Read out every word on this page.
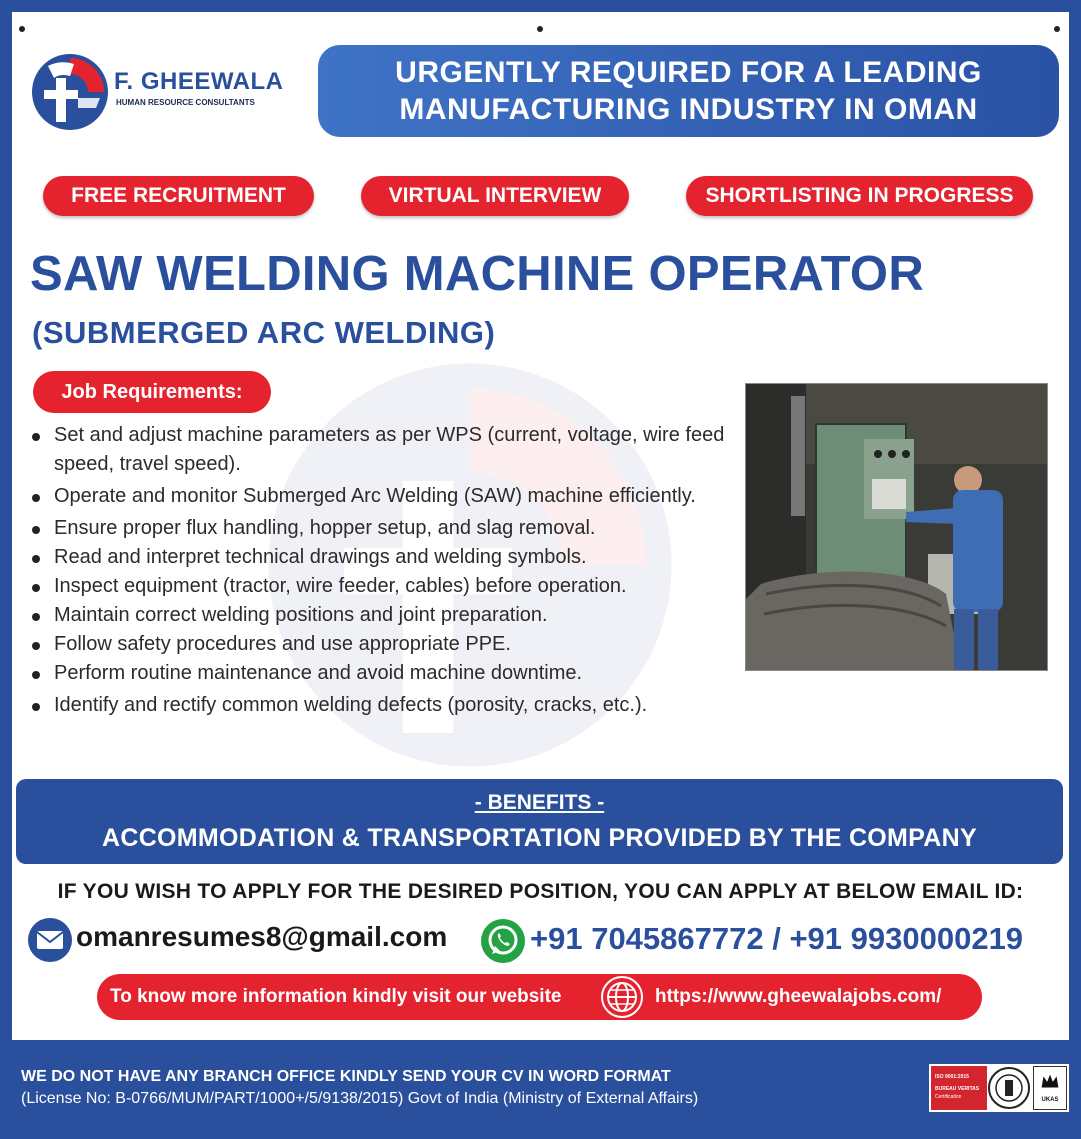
F. GHEEWALA
HUMAN RESOURCE CONSULTANTS
URGENTLY REQUIRED FOR A LEADING
MANUFACTURING INDUSTRY IN OMAN
FREE RECRUITMENT	VIRTUAL INTERVIEW	SHORTLISTING IN PROGRESS
SAW WELDING MACHINE OPERATOR
(SUBMERGED ARC WELDING)
Job Requirements:
Set and adjust machine parameters as per WPS (current, voltage, wire feed speed, travel speed).
Operate and monitor Submerged Arc Welding (SAW) machine efficiently.
Ensure proper flux handling, hopper setup, and slag removal.
Read and interpret technical drawings and welding symbols.
Inspect equipment (tractor, wire feeder, cables) before operation.
Maintain correct welding positions and joint preparation.
Follow safety procedures and use appropriate PPE.
Perform routine maintenance and avoid machine downtime.
Identify and rectify common welding defects (porosity, cracks, etc.).
- BENEFITS -
ACCOMMODATION & TRANSPORTATION PROVIDED BY THE COMPANY
IF YOU WISH TO APPLY FOR THE DESIRED POSITION, YOU CAN APPLY AT BELOW EMAIL ID:
omanresumes8@gmail.com	+91 7045867772 / +91 9930000219
To know more information kindly visit our website	https://www.gheewalajobs.com/
WE DO NOT HAVE ANY BRANCH OFFICE KINDLY SEND YOUR CV IN WORD FORMAT
(License No: B-0766/MUM/PART/1000+/5/9138/2015) Govt of India (Ministry of External Affairs)
ISO 9001:2015
BUREAU VERITAS
Certification	UKAS
